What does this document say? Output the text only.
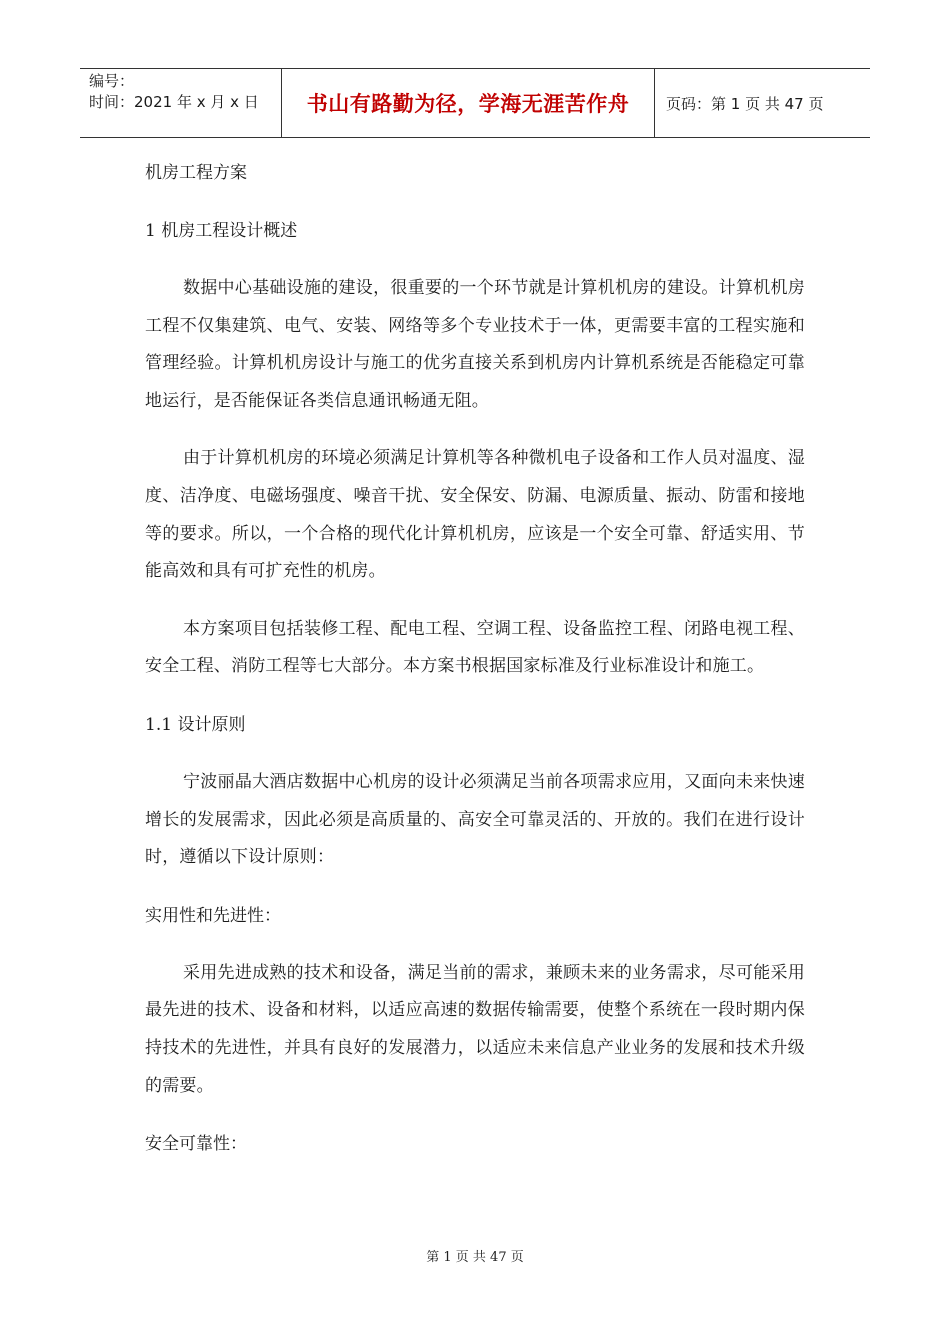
编号：
时间：2021 年 x 月 x 日	书山有路勤为径，学海无涯苦作舟 页码：第 1 页 共 47 页

机房工程方案

1 机房工程设计概述

数据中心基础设施的建设，很重要的一个环节就是计算机机房的建设。计算机机房工程不仅集建筑、电气、安装、网络等多个专业技术于一体，更需要丰富的工程实施和管理经验。计算机机房设计与施工的优劣直接关系到机房内计算机系统是否能稳定可靠地运行，是否能保证各类信息通讯畅通无阻。

由于计算机机房的环境必须满足计算机等各种微机电子设备和工作人员对温度、湿度、洁净度、电磁场强度、噪音干扰、安全保安、防漏、电源质量、振动、防雷和接地等的要求。所以，一个合格的现代化计算机机房，应该是一个安全可靠、舒适实用、节能高效和具有可扩充性的机房。

本方案项目包括装修工程、配电工程、空调工程、设备监控工程、闭路电视工程、安全工程、消防工程等七大部分。本方案书根据国家标准及行业标准设计和施工。

1.1 设计原则

宁波丽晶大酒店数据中心机房的设计必须满足当前各项需求应用，又面向未来快速增长的发展需求，因此必须是高质量的、高安全可靠灵活的、开放的。我们在进行设计时，遵循以下设计原则：

实用性和先进性：

采用先进成熟的技术和设备，满足当前的需求，兼顾未来的业务需求，尽可能采用最先进的技术、设备和材料，以适应高速的数据传输需要，使整个系统在一段时期内保持技术的先进性，并具有良好的发展潜力，以适应未来信息产业业务的发展和技术升级的需要。

安全可靠性：

第 1 页 共 47 页
